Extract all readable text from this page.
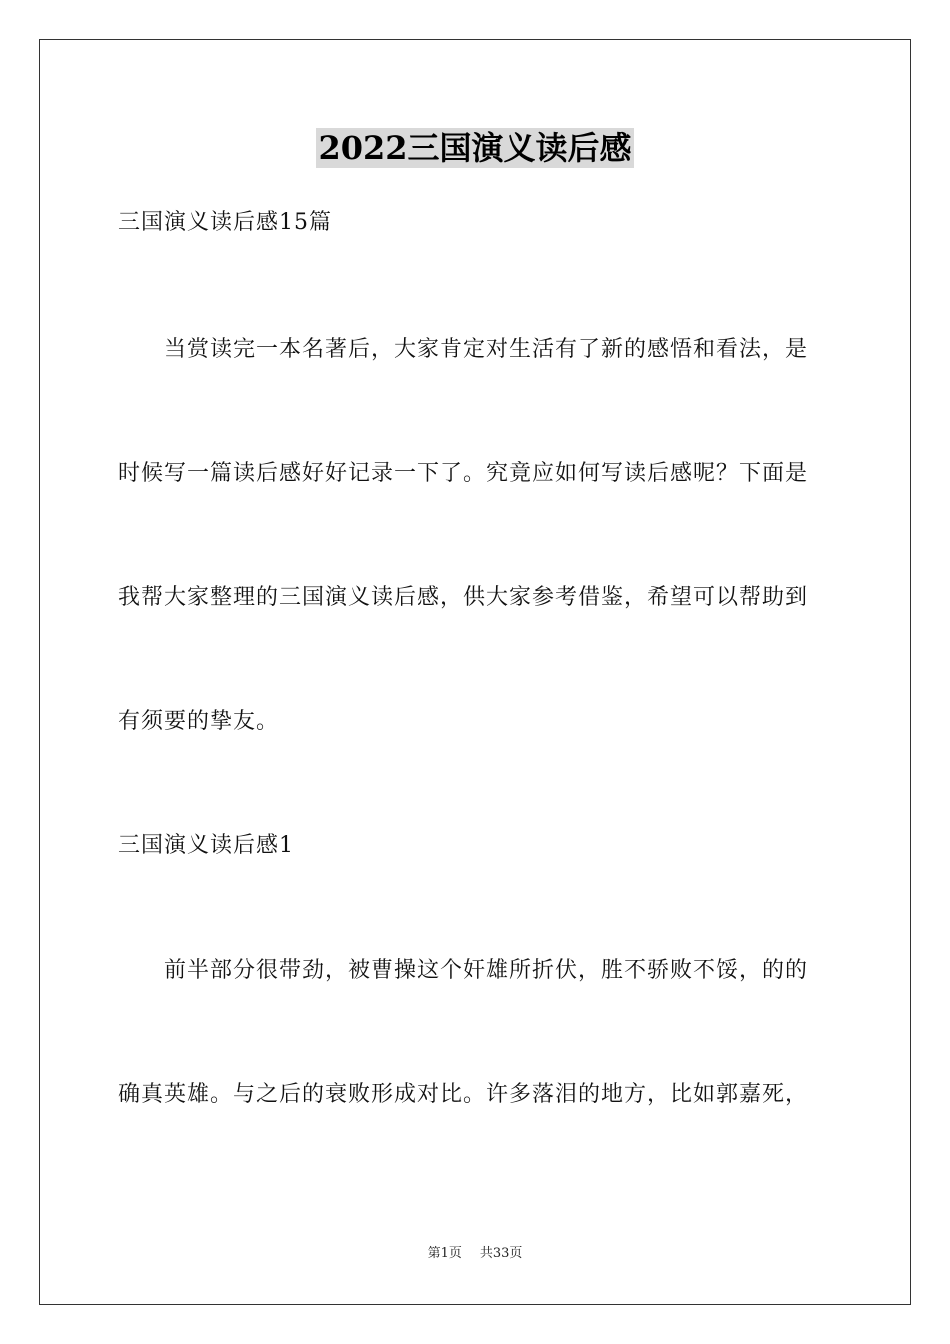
2022三国演义读后感
三国演义读后感15篇
当赏读完一本名著后，大家肯定对生活有了新的感悟和看法，是
时候写一篇读后感好好记录一下了。究竟应如何写读后感呢？下面是
我帮大家整理的三国演义读后感，供大家参考借鉴，希望可以帮助到
有须要的挚友。
三国演义读后感1
前半部分很带劲，被曹操这个奸雄所折伏，胜不骄败不馁，的的
确真英雄。与之后的衰败形成对比。许多落泪的地方，比如郭嘉死，
第1页 共33页
